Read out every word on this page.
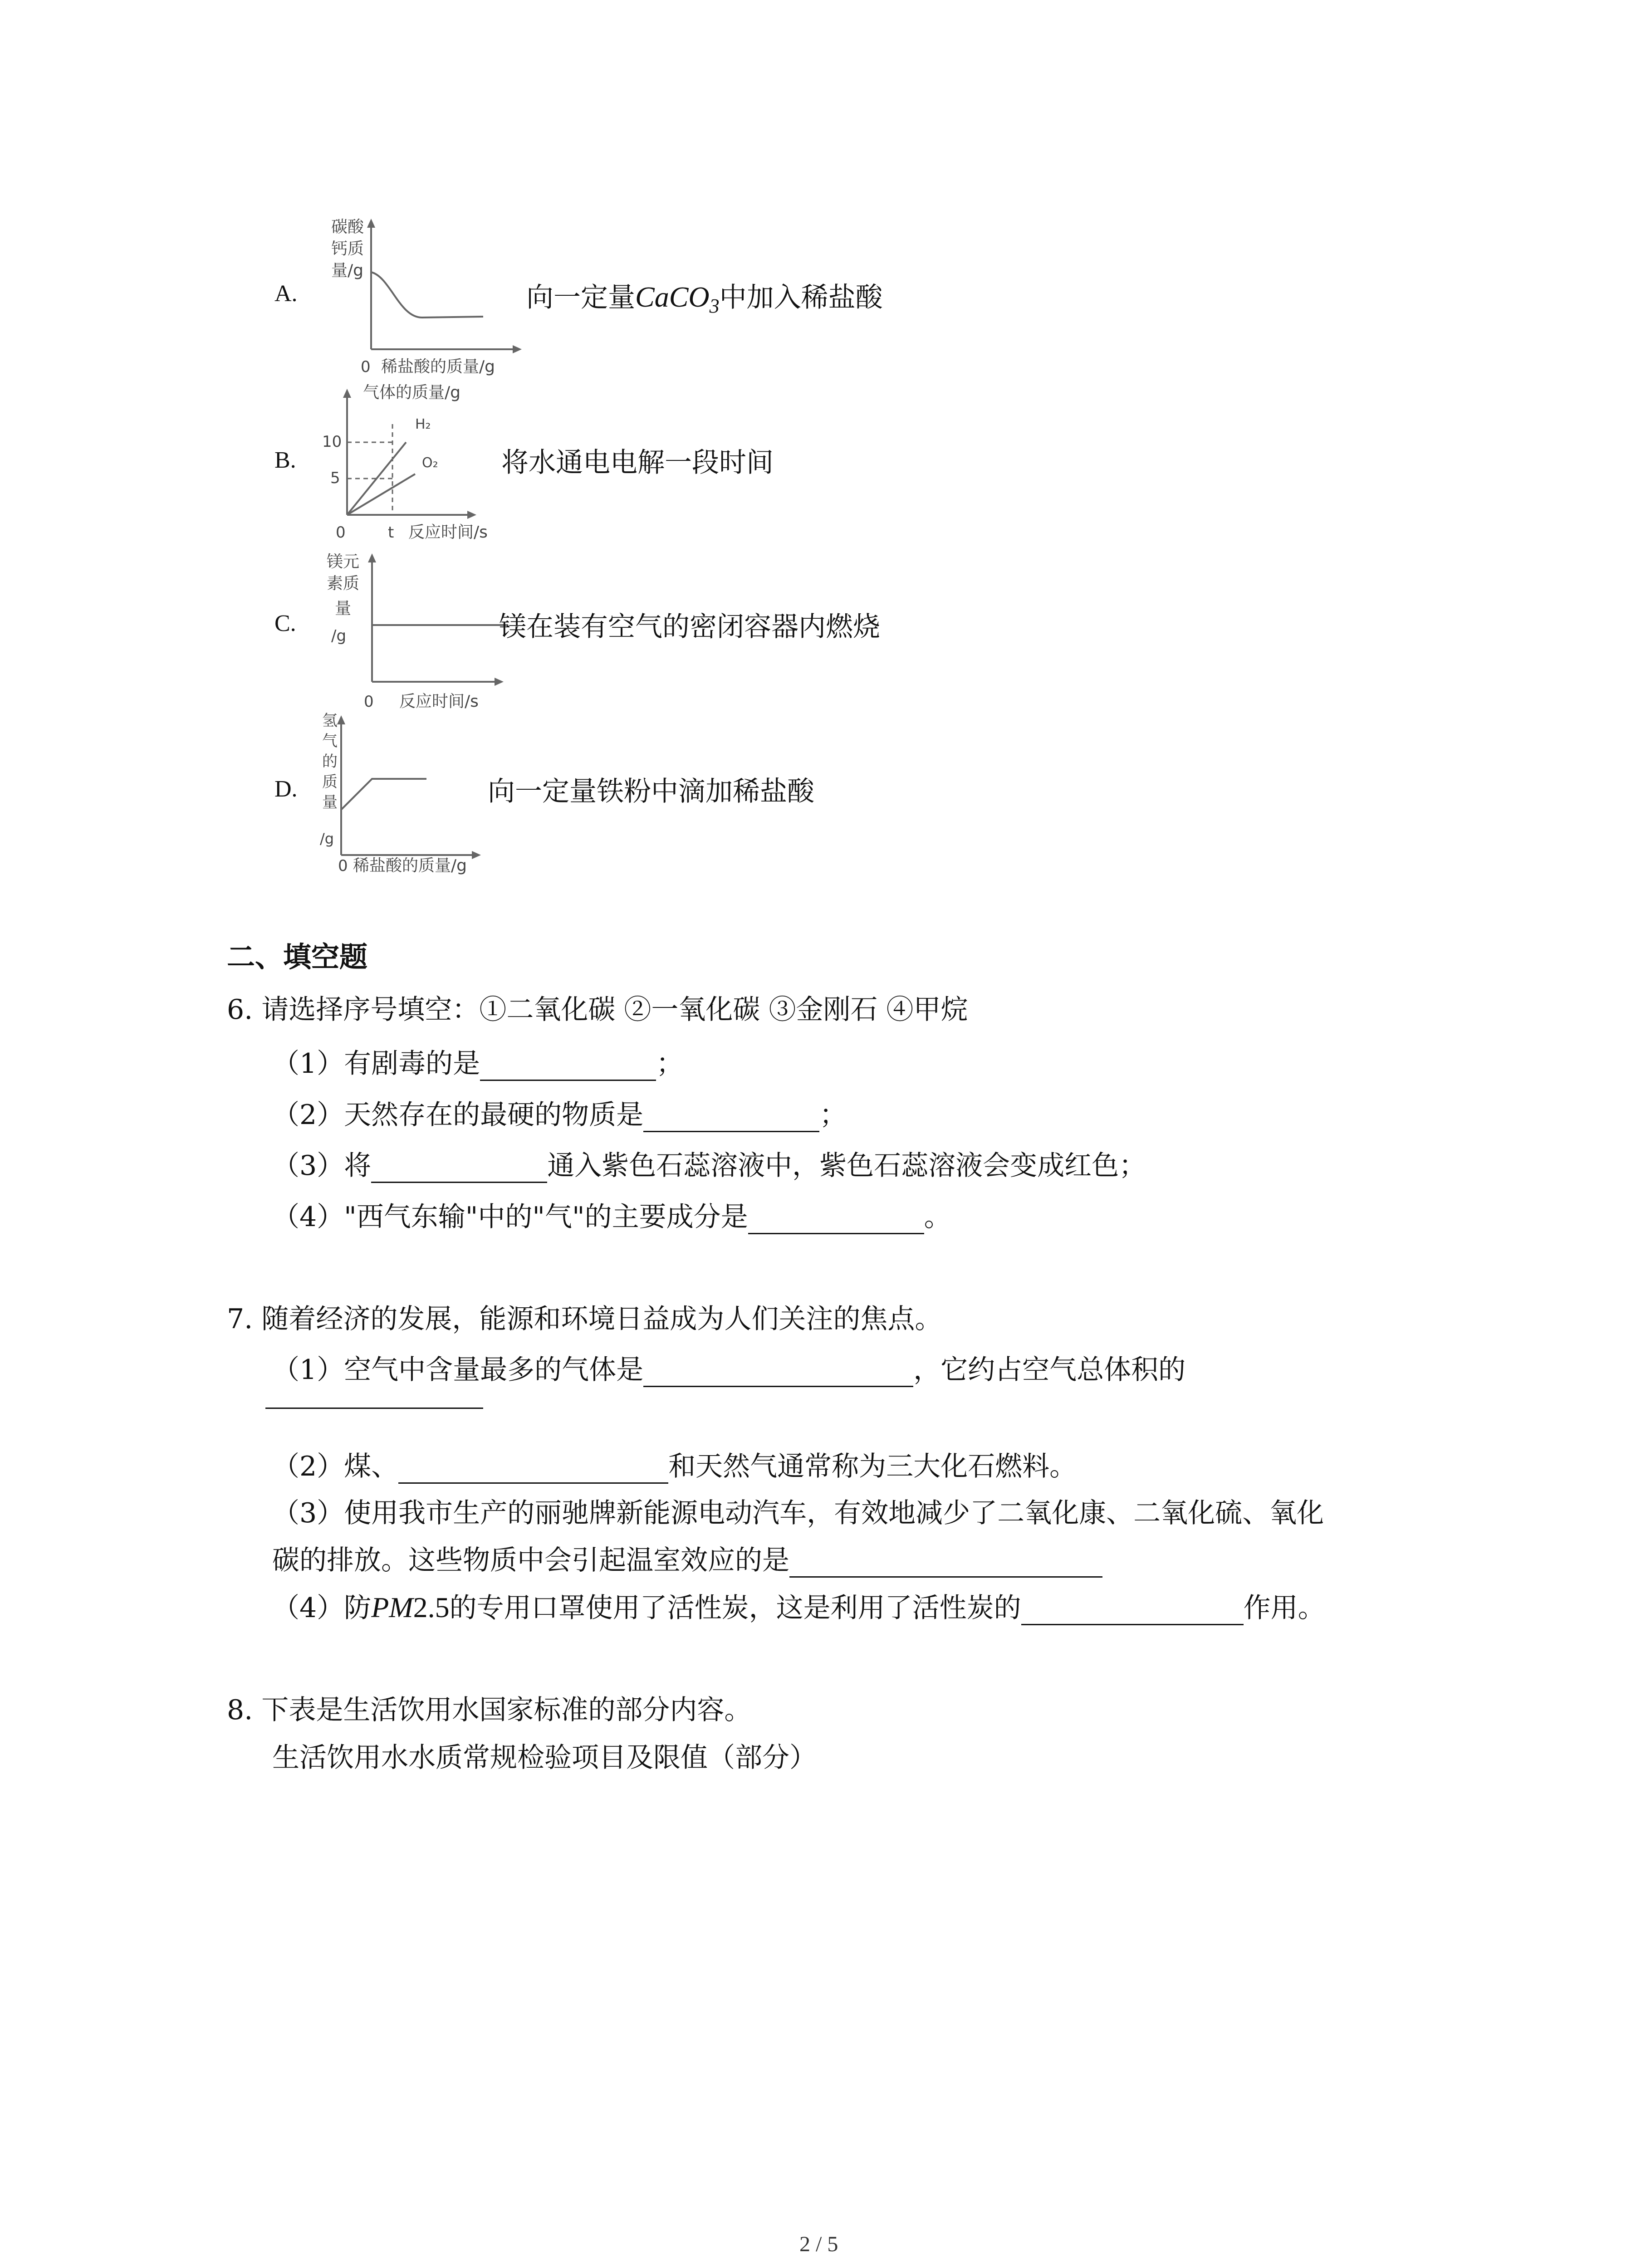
A.
碳酸
钙质
量/g
0 稀盐酸的质量/g
向一定量CaCO$_3$中加入稀盐酸
B.
气体的质量/g
10
5
0	t 反应时间/s
H₂
O₂ 将水通电电解一段时间
C.
镁元
素质
量
/g
0 反应时间/s
镁在装有空气的密闭容器内燃烧
D.
氢
气
的
质
量
/g
0 稀盐酸的质量/g
向一定量铁粉中滴加稀盐酸
二、填空题
6. 请选择序号填空：①二氧化碳 ②一氧化碳 ③金刚石 ④甲烷
（1）有剧毒的是	；
（2）天然存在的最硬的物质是	；
（3）将	通入紫色石蕊溶液中，紫色石蕊溶液会变成红色；
（4）"西气东输"中的"气"的主要成分是	。
7. 随着经济的发展，能源和环境日益成为人们关注的焦点。
（1）空气中含量最多的气体是	，它约占空气总体积的
（2）煤、	和天然气通常称为三大化石燃料。
（3）使用我市生产的丽驰牌新能源电动汽车，有效地减少了二氧化康、二氧化硫、氧化
碳的排放。这些物质中会引起温室效应的是
（4）防PM2.5的专用口罩使用了活性炭，这是利用了活性炭的	作用。
8. 下表是生活饮用水国家标准的部分内容。
生活饮用水水质常规检验项目及限值（部分）
2 / 5
